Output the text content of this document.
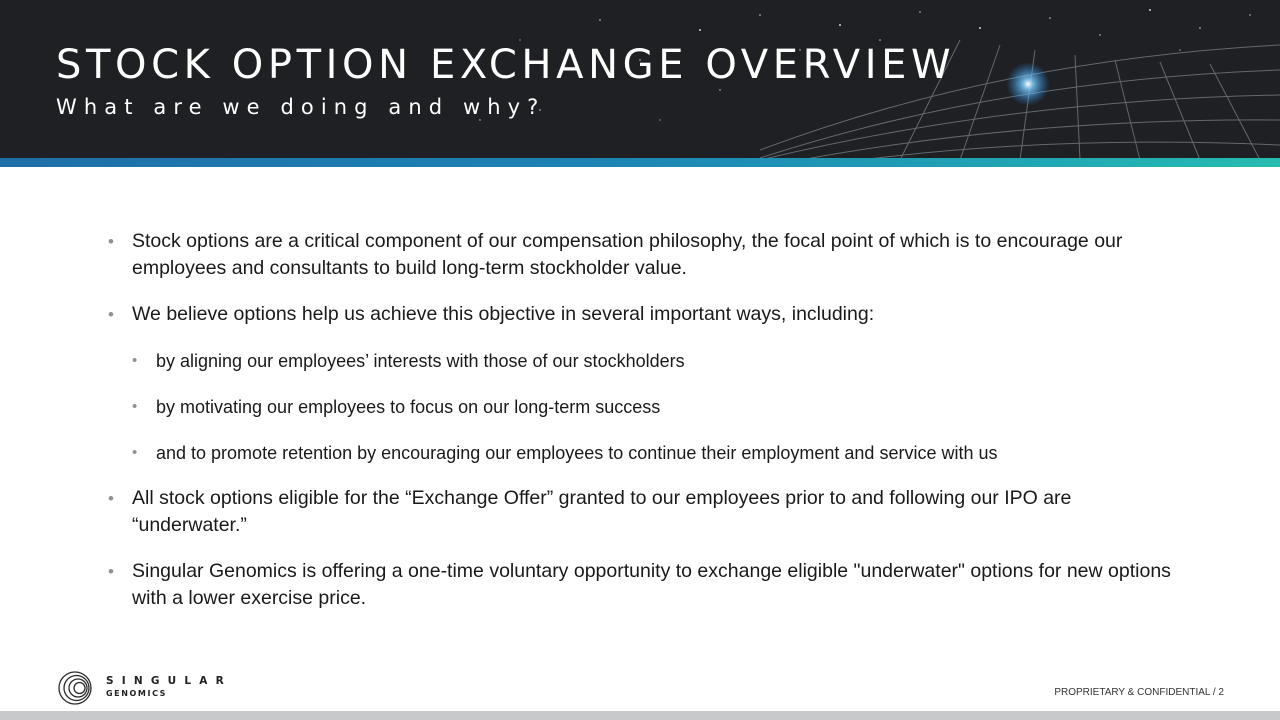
STOCK OPTION EXCHANGE OVERVIEW
What are we doing and why?
• Stock options are a critical component of our compensation philosophy, the focal point of which is to encourage our employees and consultants to build long-term stockholder value.
• We believe options help us achieve this objective in several important ways, including:
• by aligning our employees’ interests with those of our stockholders
• by motivating our employees to focus on our long-term success
• and to promote retention by encouraging our employees to continue their employment and service with us
• All stock options eligible for the “Exchange Offer” granted to our employees prior to and following our IPO are “underwater.”
• Singular Genomics is offering a one-time voluntary opportunity to exchange eligible "underwater" options for new options with a lower exercise price.
SINGULAR
GENOMICS	PROPRIETARY & CONFIDENTIAL / 2
